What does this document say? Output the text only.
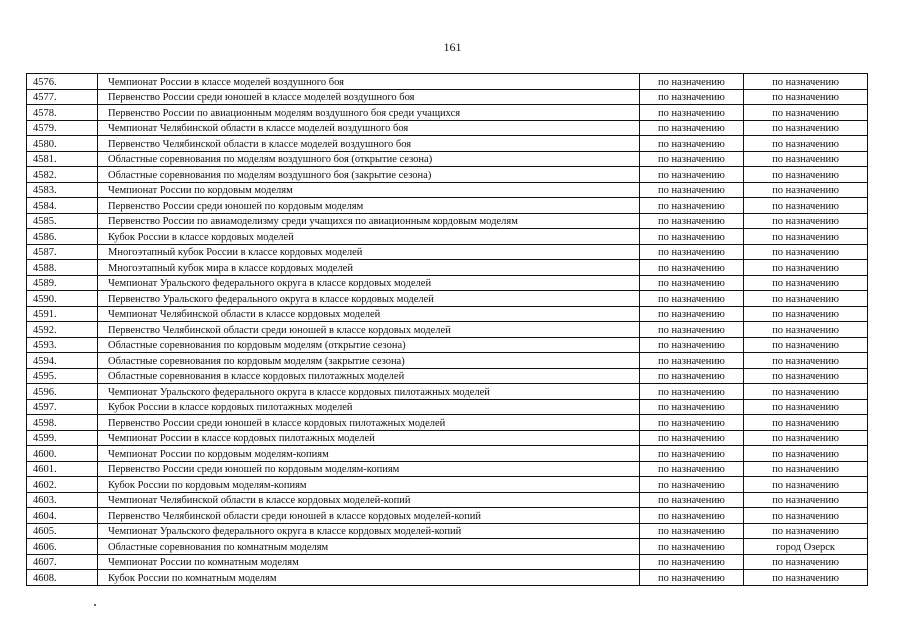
161
4576.	Чемпионат России в классе моделей воздушного боя	по назначению	по назначению
4577.	Первенство России среди юношей в классе моделей воздушного боя	по назначению	по назначению
4578.	Первенство России по авиационным моделям воздушного боя среди учащихся	по назначению	по назначению
4579.	Чемпионат Челябинской области в классе моделей воздушного боя	по назначению	по назначению
4580.	Первенство Челябинской области в классе моделей воздушного боя	по назначению	по назначению
4581.	Областные соревнования по моделям воздушного боя (открытие сезона)	по назначению	по назначению
4582.	Областные соревнования по моделям воздушного боя (закрытие сезона)	по назначению	по назначению
4583.	Чемпионат России по кордовым моделям	по назначению	по назначению
4584.	Первенство России среди юношей по кордовым моделям	по назначению	по назначению
4585.	Первенство России по авиамоделизму среди учащихся по авиационным кордовым моделям	по назначению	по назначению
4586.	Кубок России в классе кордовых моделей	по назначению	по назначению
4587.	Многоэтапный кубок России в классе кордовых моделей	по назначению	по назначению
4588.	Многоэтапный кубок мира в классе кордовых моделей	по назначению	по назначению
4589.	Чемпионат Уральского федерального округа в классе кордовых моделей	по назначению	по назначению
4590.	Первенство Уральского федерального округа в классе кордовых моделей	по назначению	по назначению
4591.	Чемпионат Челябинской области в классе кордовых моделей	по назначению	по назначению
4592.	Первенство Челябинской области среди юношей в классе кордовых моделей	по назначению	по назначению
4593.	Областные соревнования по кордовым моделям (открытие сезона)	по назначению	по назначению
4594.	Областные соревнования по кордовым моделям (закрытие сезона)	по назначению	по назначению
4595.	Областные соревнования в классе кордовых пилотажных моделей	по назначению	по назначению
4596.	Чемпионат Уральского федерального округа в классе кордовых пилотажных моделей	по назначению	по назначению
4597.	Кубок России в классе кордовых пилотажных моделей	по назначению	по назначению
4598.	Первенство России среди юношей в классе кордовых пилотажных моделей	по назначению	по назначению
4599.	Чемпионат России в классе кордовых пилотажных моделей	по назначению	по назначению
4600.	Чемпионат России по кордовым моделям-копиям	по назначению	по назначению
4601.	Первенство России среди юношей по кордовым моделям-копиям	по назначению	по назначению
4602.	Кубок России по кордовым моделям-копиям	по назначению	по назначению
4603.	Чемпионат Челябинской области в классе кордовых моделей-копий	по назначению	по назначению
4604.	Первенство Челябинской области среди юношей в классе кордовых моделей-копий	по назначению	по назначению
4605.	Чемпионат Уральского федерального округа в классе кордовых моделей-копий	по назначению	по назначению
4606.	Областные соревнования по комнатным моделям	по назначению	город Озерск
4607.	Чемпионат России по комнатным моделям	по назначению	по назначению
4608.	Кубок России по комнатным моделям	по назначению	по назначению
